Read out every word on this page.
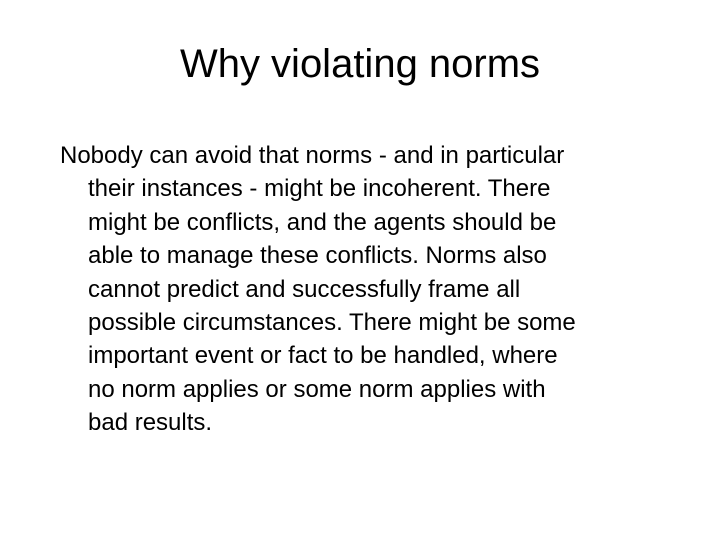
Why violating norms
Nobody can avoid that norms - and in particular
their instances - might be incoherent. There
might be conflicts, and the agents should be
able to manage these conflicts. Norms also
cannot predict and successfully frame all
possible circumstances. There might be some
important event or fact to be handled, where
no norm applies or some norm applies with
bad results.
